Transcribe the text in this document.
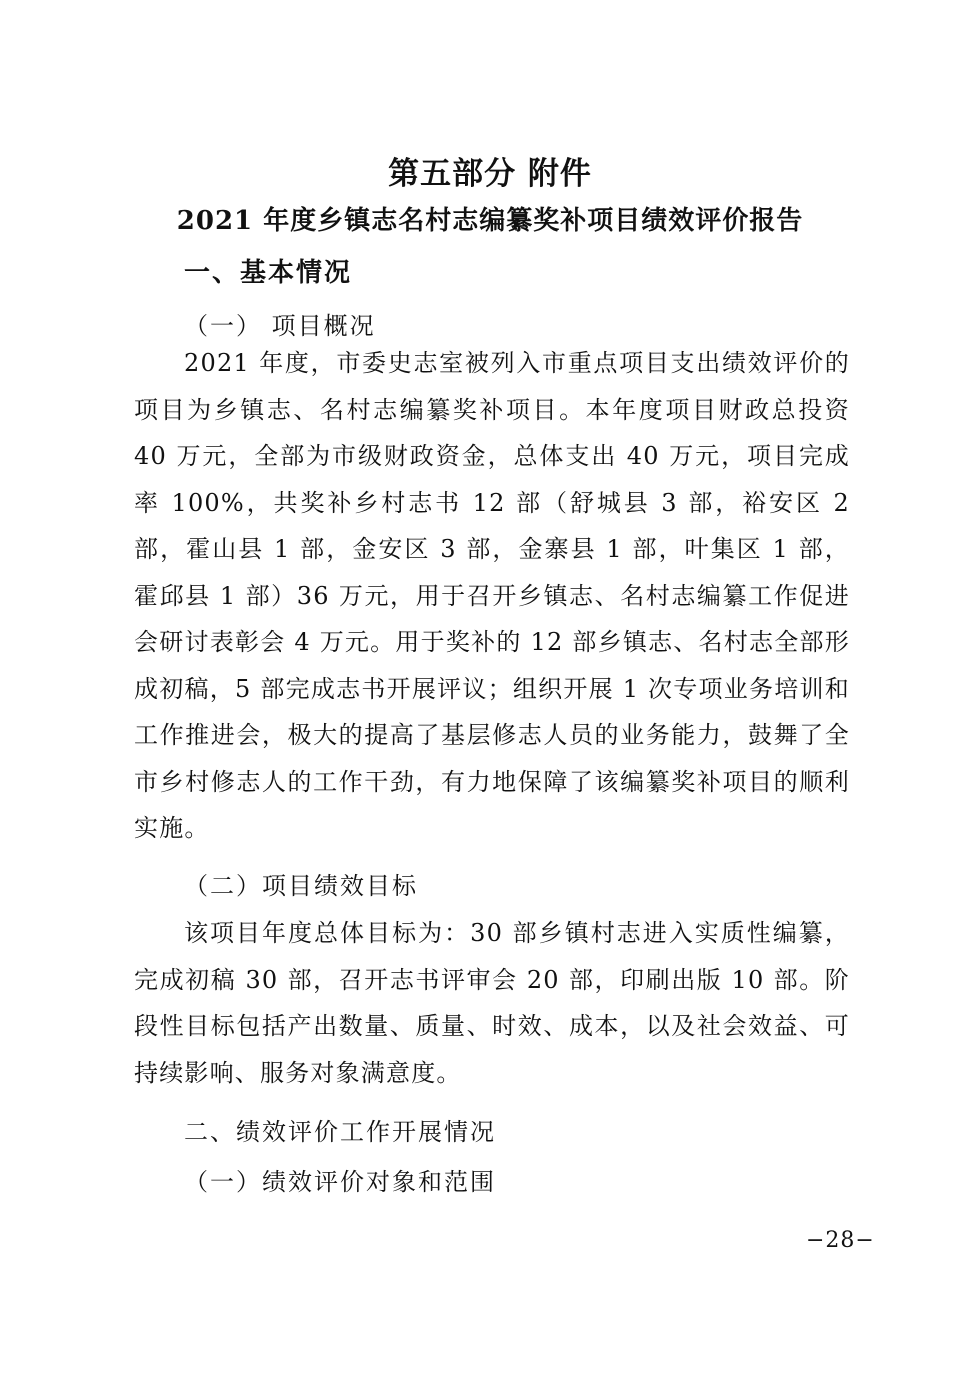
第五部分 附件
2021 年度乡镇志名村志编纂奖补项目绩效评价报告
一、基本情况
（一） 项目概况

2021 年度，市委史志室被列入市重点项目支出绩效评价的项目为乡镇志、名村志编纂奖补项目。本年度项目财政总投资 40 万元，全部为市级财政资金，总体支出 40 万元，项目完成率 100%，共奖补乡村志书 12 部（舒城县 3 部，裕安区 2 部，霍山县 1 部，金安区 3 部，金寨县 1 部，叶集区 1 部，霍邱县 1 部）36 万元，用于召开乡镇志、名村志编纂工作促进会研讨表彰会 4 万元。用于奖补的 12 部乡镇志、名村志全部形成初稿，5 部完成志书开展评议；组织开展 1 次专项业务培训和工作推进会，极大的提高了基层修志人员的业务能力，鼓舞了全市乡村修志人的工作干劲，有力地保障了该编纂奖补项目的顺利实施。

（二）项目绩效目标

该项目年度总体目标为：30 部乡镇村志进入实质性编纂，完成初稿 30 部，召开志书评审会 20 部，印刷出版 10 部。阶段性目标包括产出数量、质量、时效、成本，以及社会效益、可持续影响、服务对象满意度。

二、绩效评价工作开展情况
（一）绩效评价对象和范围
−28−
